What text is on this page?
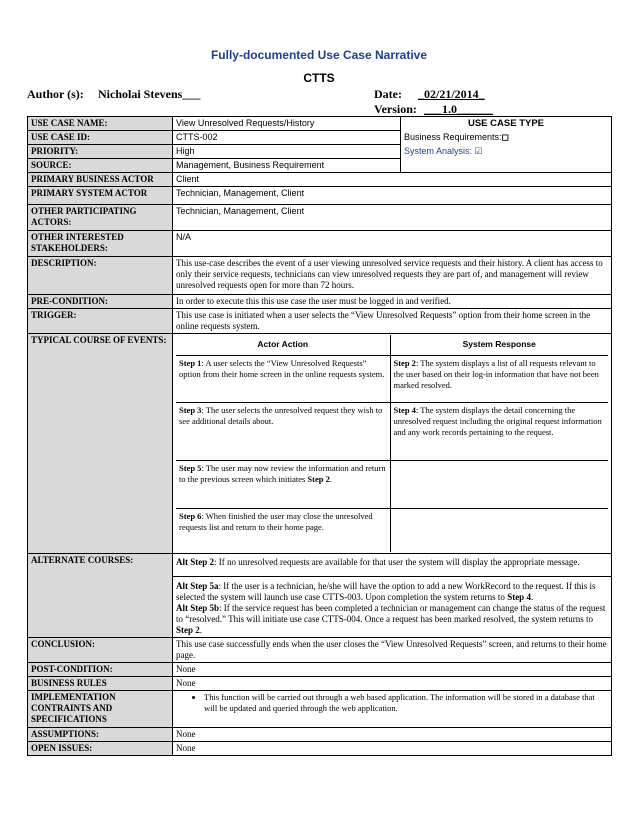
Fully-documented Use Case Narrative
CTTS
Author (s): Nicholai Stevens___	Date: _02/21/2014_
Version: ___1.0______
USE CASE NAME:	View Unresolved Requests/History	USE CASE TYPE
Business Requirements:◻
System Analysis: ☑

USE CASE ID:	CTTS-002
PRIORITY:	High
SOURCE:	Management, Business Requirement
PRIMARY BUSINESS ACTOR	Client
PRIMARY SYSTEM ACTOR	Technician, Management, Client
OTHER PARTICIPATING ACTORS:	Technician, Management, Client
OTHER INTERESTED STAKEHOLDERS:	N/A
DESCRIPTION:	This use-case describes the event of a user viewing unresolved service requests and their history. A client has access to only their service requests, technicians can view unresolved requests they are part of, and management will review unresolved requests open for more than 72 hours.
PRE-CONDITION:	In order to execute this this use case the user must be logged in and verified.
TRIGGER:	This use case is initiated when a user selects the “View Unresolved Requests” option from their home screen in the online requests system.
TYPICAL COURSE OF EVENTS:		Actor Action	System Response
Step 1: A user selects the “View Unresolved Requests” option from their home screen in the online requests system.	Step 2: The system displays a list of all requests relevant to the user based on their log-in information that have not been marked resolved.
Step 3: The user selects the unresolved request they wish to see additional details about.	Step 4: The system displays the detail concerning the unresolved request including the original request information and any work records pertaining to the request.
Step 5: The user may now review the information and return to the previous screen which initiates Step 2.	
Step 6: When finished the user may close the unresolved requests list and return to their home page.	

ALTERNATE COURSES:	Alt Step 2: If no unresolved requests are available for that user the system will display the appropriate message.
Alt Step 5a: If the user is a technician, he/she will have the option to add a new WorkRecord to the request. If this is selected the system will launch use case CTTS-003. Upon completion the system returns to Step 4.
Alt Step 5b: If the service request has been completed a technician or management can change the status of the request to “resolved.” This will initiate use case CTTS-004. Once a request has been marked resolved, the system returns to Step 2.

CONCLUSION:	This use case successfully ends when the user closes the “View Unresolved Requests” screen, and returns to their home page.
POST-CONDITION:	None
BUSINESS RULES	None
IMPLEMENTATION CONTRAINTS AND SPECIFICATIONS	
• This function will be carried out through a web based application. The information will be stored in a database that will be updated and queried through the web application.

ASSUMPTIONS:	None
OPEN ISSUES:	None
